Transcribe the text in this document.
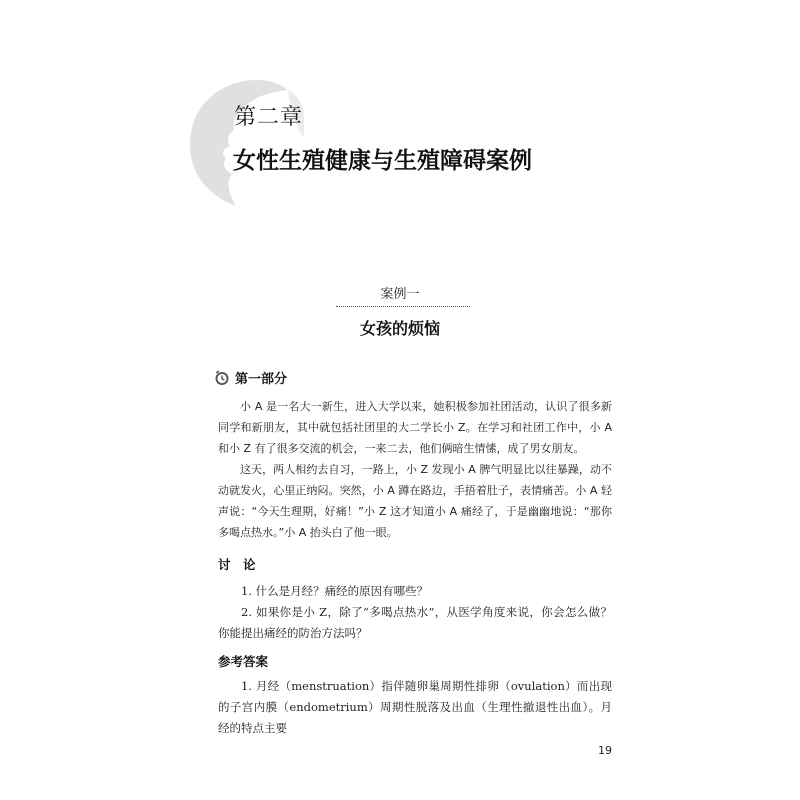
第二章
女性生殖健康与生殖障碍案例
案例一
女孩的烦恼
第一部分

小 A 是一名大一新生，进入大学以来，她积极参加社团活动，认识了很多新同学和新朋友，其中就包括社团里的大二学长小 Z。在学习和社团工作中，小 A 和小 Z 有了很多交流的机会，一来二去，他们俩暗生情愫，成了男女朋友。

这天，两人相约去自习，一路上，小 Z 发现小 A 脾气明显比以往暴躁，动不动就发火，心里正纳闷。突然，小 A 蹲在路边，手捂着肚子，表情痛苦。小 A 轻声说：“今天生理期，好痛！”小 Z 这才知道小 A 痛经了，于是幽幽地说：“那你多喝点热水。”小 A 抬头白了他一眼。

讨　论

1. 什么是月经？痛经的原因有哪些？

2. 如果你是小 Z，除了“多喝点热水”，从医学角度来说，你会怎么做？你能提出痛经的防治方法吗？

参考答案

1. 月经（menstruation）指伴随卵巢周期性排卵（ovulation）而出现的子宫内膜（endometrium）周期性脱落及出血（生理性撤退性出血）。月经的特点主要

19
